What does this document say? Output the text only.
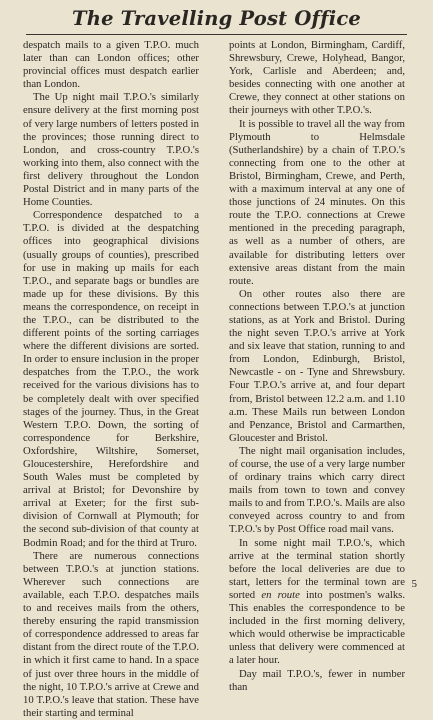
The Travelling Post Office

despatch mails to a given T.P.O. much later than can London offices; other provincial offices must despatch earlier than London.

The Up night mail T.P.O.'s similarly ensure delivery at the first morning post of very large numbers of letters posted in the provinces; those running direct to London, and cross-country T.P.O.'s working into them, also connect with the first delivery throughout the London Postal District and in many parts of the Home Counties.

Correspondence despatched to a T.P.O. is divided at the despatching offices into geographical divisions (usually groups of counties), prescribed for use in making up mails for each T.P.O., and separate bags or bundles are made up for these divisions. By this means the correspondence, on receipt in the T.P.O., can be distributed to the different points of the sorting carriages where the different divisions are sorted. In order to ensure inclusion in the proper despatches from the T.P.O., the work received for the various divisions has to be completely dealt with over specified stages of the journey. Thus, in the Great Western T.P.O. Down, the sorting of correspondence for Berkshire, Oxfordshire, Wiltshire, Somerset, Gloucestershire, Herefordshire and South Wales must be completed by arrival at Bristol; for Devonshire by arrival at Exeter; for the first sub-division of Cornwall at Plymouth; for the second sub-division of that county at Bodmin Road; and for the third at Truro.

There are numerous connections between T.P.O.'s at junction stations. Wherever such connections are available, each T.P.O. despatches mails to and receives mails from the others, thereby ensuring the rapid transmission of correspondence addressed to areas far distant from the direct route of the T.P.O. in which it first came to hand. In a space of just over three hours in the middle of the night, 10 T.P.O.'s arrive at Crewe and 10 T.P.O.'s leave that station. These have their starting and terminal

points at London, Birmingham, Cardiff, Shrewsbury, Crewe, Holyhead, Bangor, York, Carlisle and Aberdeen; and, besides connecting with one another at Crewe, they connect at other stations on their journeys with other T.P.O.'s.

It is possible to travel all the way from Plymouth to Helmsdale (Sutherlandshire) by a chain of T.P.O.'s connecting from one to the other at Bristol, Birmingham, Crewe, and Perth, with a maximum interval at any one of those junctions of 24 minutes. On this route the T.P.O. connections at Crewe mentioned in the preceding paragraph, as well as a number of others, are available for distributing letters over extensive areas distant from the main route.

On other routes also there are connections between T.P.O.'s at junction stations, as at York and Bristol. During the night seven T.P.O.'s arrive at York and six leave that station, running to and from London, Edinburgh, Bristol, Newcastle - on - Tyne and Shrewsbury. Four T.P.O.'s arrive at, and four depart from, Bristol between 12.2 a.m. and 1.10 a.m. These Mails run between London and Penzance, Bristol and Carmarthen, Gloucester and Bristol.

The night mail organisation includes, of course, the use of a very large number of ordinary trains which carry direct mails from town to town and convey mails to and from T.P.O.'s. Mails are also conveyed across country to and from T.P.O.'s by Post Office road mail vans.

In some night mail T.P.O.'s, which arrive at the terminal station shortly before the local deliveries are due to start, letters for the terminal town are sorted en route into postmen's walks. This enables the correspondence to be included in the first morning delivery, which would otherwise be impracticable unless that delivery were commenced at a later hour.

Day mail T.P.O.'s, fewer in number than

5
